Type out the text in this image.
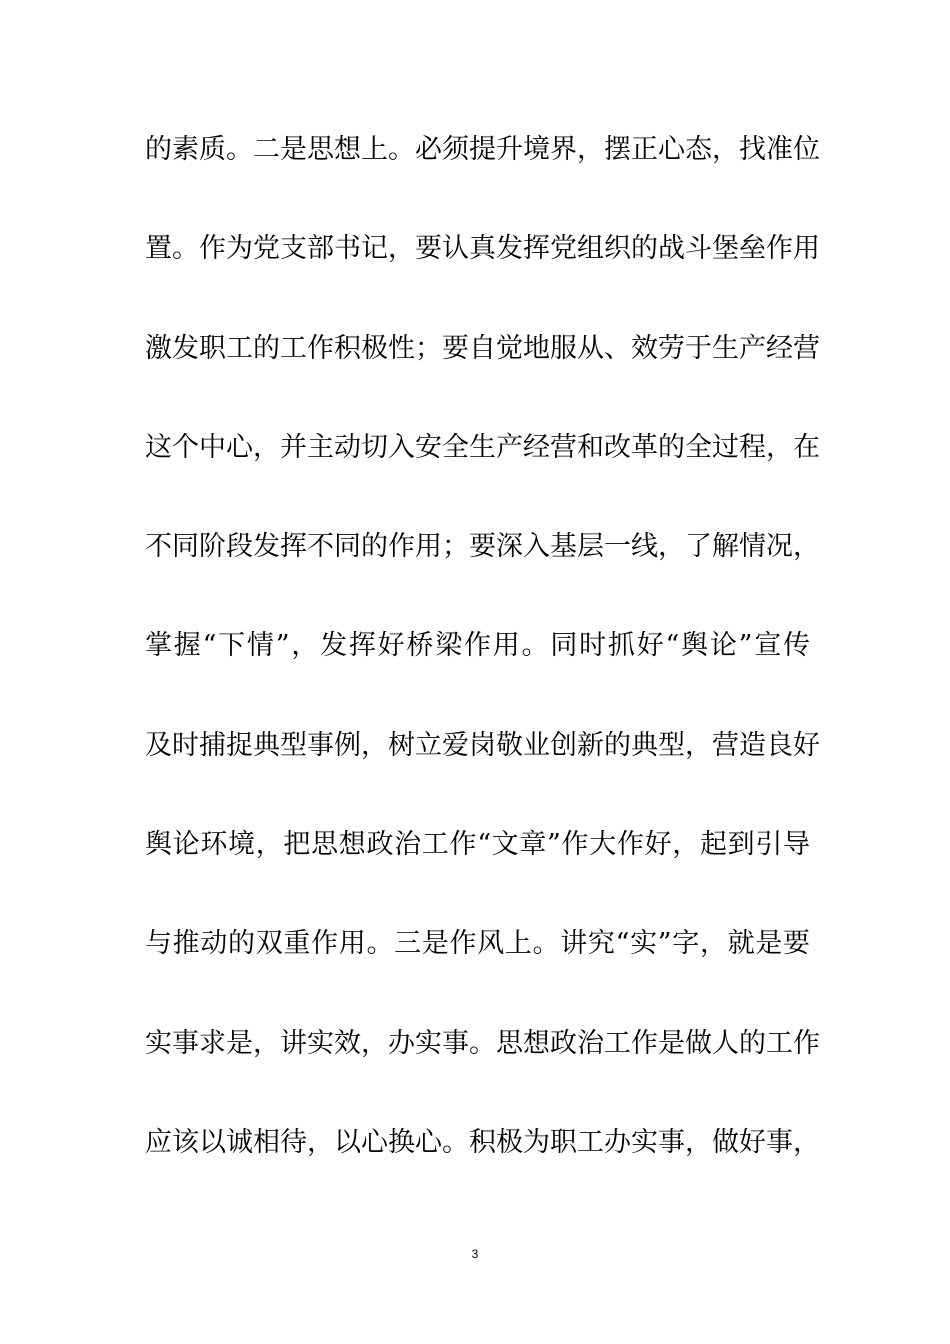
的素质。二是思想上。必须提升境界，摆正心态，找准位
置。作为党支部书记，要认真发挥党组织的战斗堡垒作用
激发职工的工作积极性；要自觉地服从、效劳于生产经营
这个中心，并主动切入安全生产经营和改革的全过程，在
不同阶段发挥不同的作用；要深入基层一线，了解情况，
掌握“下情”，发挥好桥梁作用。同时抓好“舆论”宣传
及时捕捉典型事例，树立爱岗敬业创新的典型，营造良好
舆论环境，把思想政治工作“文章”作大作好，起到引导
与推动的双重作用。三是作风上。讲究“实”字，就是要
实事求是，讲实效，办实事。思想政治工作是做人的工作
应该以诚相待，以心换心。积极为职工办实事，做好事，
3
